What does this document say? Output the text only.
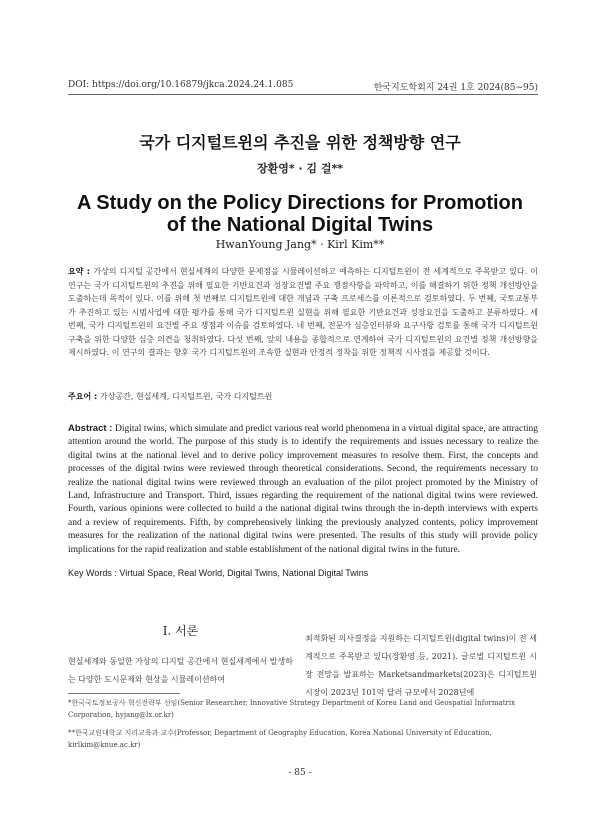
DOI: https://doi.org/10.16879/jkca.2024.24.1.085	한국지도학회지 24권 1호 2024(85∼95)
국가 디지털트윈의 추진을 위한 정책방향 연구
장환영* · 김 걸**
A Study on the Policy Directions for Promotion
of the National Digital Twins
HwanYoung Jang* · Kirl Kim**
요약 : 가상의 디지털 공간에서 현실세계의 다양한 문제점을 시뮬레이션하고 예측하는 디지털트윈이 전 세계적으로 주목받고 있다. 이 연구는 국가 디지털트윈의 추진을 위해 필요한 기반요건과 성장요건별 주요 쟁점사항을 파악하고, 이를 해결하기 위한 정책 개선방안을 도출하는데 목적이 있다. 이를 위해 첫 번째로 디지털트윈에 대한 개념과 구축 프로세스를 이론적으로 검토하였다. 두 번째, 국토교통부가 추진하고 있는 시범사업에 대한 평가를 통해 국가 디지털트윈 실현을 위해 필요한 기반요건과 성장요건을 도출하고 분류하였다. 세 번째, 국가 디지털트윈의 요건별 주요 쟁점과 이슈를 검토하였다. 네 번째, 전문가 심층인터뷰와 요구사항 검토를 통해 국가 디지털트윈 구축을 위한 다양한 심층 의견을 청취하였다. 다섯 번째, 앞의 내용을 종합적으로 연계하여 국가 디지털트윈의 요건별 정책 개선방향을 제시하였다. 이 연구의 결과는 향후 국가 디지털트윈의 조속한 실현과 안정적 정착을 위한 정책적 시사점을 제공할 것이다.
주요어 : 가상공간, 현실세계, 디지털트윈, 국가 디지털트윈
Abstract : Digital twins, which simulate and predict various real world phenomena in a virtual digital space, are attracting attention around the world. The purpose of this study is to identify the requirements and issues necessary to realize the digital twins at the national level and to derive policy improvement measures to resolve them. First, the concepts and processes of the digital twins were reviewed through theoretical considerations. Second, the requirements necessary to realize the national digital twins were reviewed through an evaluation of the pilot project promoted by the Ministry of Land, Infrastructure and Transport. Third, issues regarding the requirement of the national digital twins were reviewed. Fourth, various opinions were collected to build a the national digital twins through the in-depth interviews with experts and a review of requirements. Fifth, by comprehensively linking the previously analyzed contents, policy improvement measures for the realization of the national digital twins were presented. The results of this study will provide policy implications for the rapid realization and stable establishment of the national digital twins in the future.
Key Words : Virtual Space, Real World, Digital Twins, National Digital Twins
I. 서론
현실세계와 동일한 가상의 디지털 공간에서 현실세계에서 발생하는 다양한 도시문제와 현상을 시뮬레이션하여
최적화된 의사결정을 지원하는 디지털트윈(digital twins)이 전 세계적으로 주목받고 있다(장환영 등, 2021). 글로벌 디지털트윈 시장 전망을 발표하는 Marketsandmarkets(2023)은 디지털트윈 시장이 2023년 101억 달러 규모에서 2028년에
*한국국토정보공사 혁신전략부 선임(Senior Researcher, Innovative Strategy Department of Korea Land and Geospatial Informatrix Corporation, hyjang@lx.or.kr)
**한국교원대학교 지리교육과 교수(Professor, Department of Geography Education, Korea National University of Education, kirlkim@knue.ac.kr)
- 85 -
